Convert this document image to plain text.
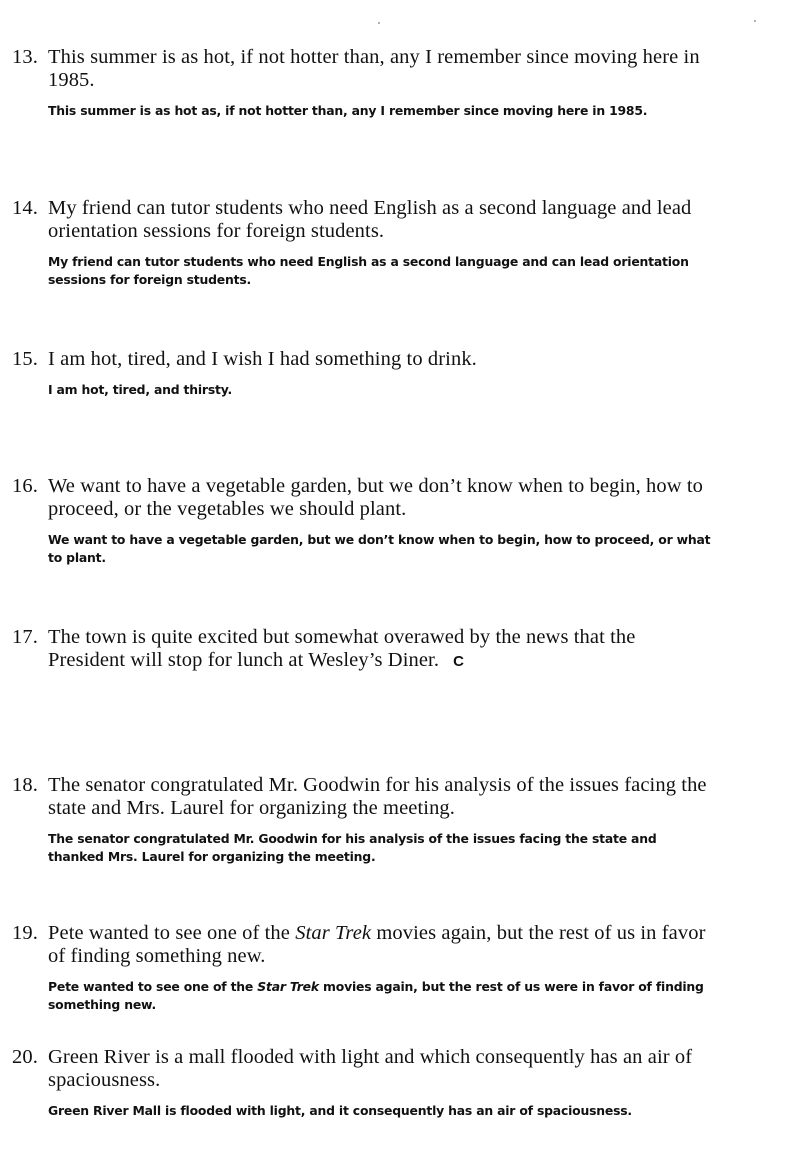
13. This summer is as hot, if not hotter than, any I remember since moving here in 1985.
This summer is as hot as, if not hotter than, any I remember since moving here in 1985.
14. My friend can tutor students who need English as a second language and lead orientation sessions for foreign students.
My friend can tutor students who need English as a second language and can lead orientation sessions for foreign students.
15. I am hot, tired, and I wish I had something to drink.
I am hot, tired, and thirsty.
16. We want to have a vegetable garden, but we don’t know when to begin, how to proceed, or the vegetables we should plant.
We want to have a vegetable garden, but we don’t know when to begin, how to proceed, or what to plant.
17. The town is quite excited but somewhat overawed by the news that the President will stop for lunch at Wesley’s Diner. C
18. The senator congratulated Mr. Goodwin for his analysis of the issues facing the state and Mrs. Laurel for organizing the meeting.
The senator congratulated Mr. Goodwin for his analysis of the issues facing the state and thanked Mrs. Laurel for organizing the meeting.
19. Pete wanted to see one of the Star Trek movies again, but the rest of us in favor of finding something new.
Pete wanted to see one of the Star Trek movies again, but the rest of us were in favor of finding something new.
20. Green River is a mall flooded with light and which consequently has an air of spaciousness.
Green River Mall is flooded with light, and it consequently has an air of spaciousness.
